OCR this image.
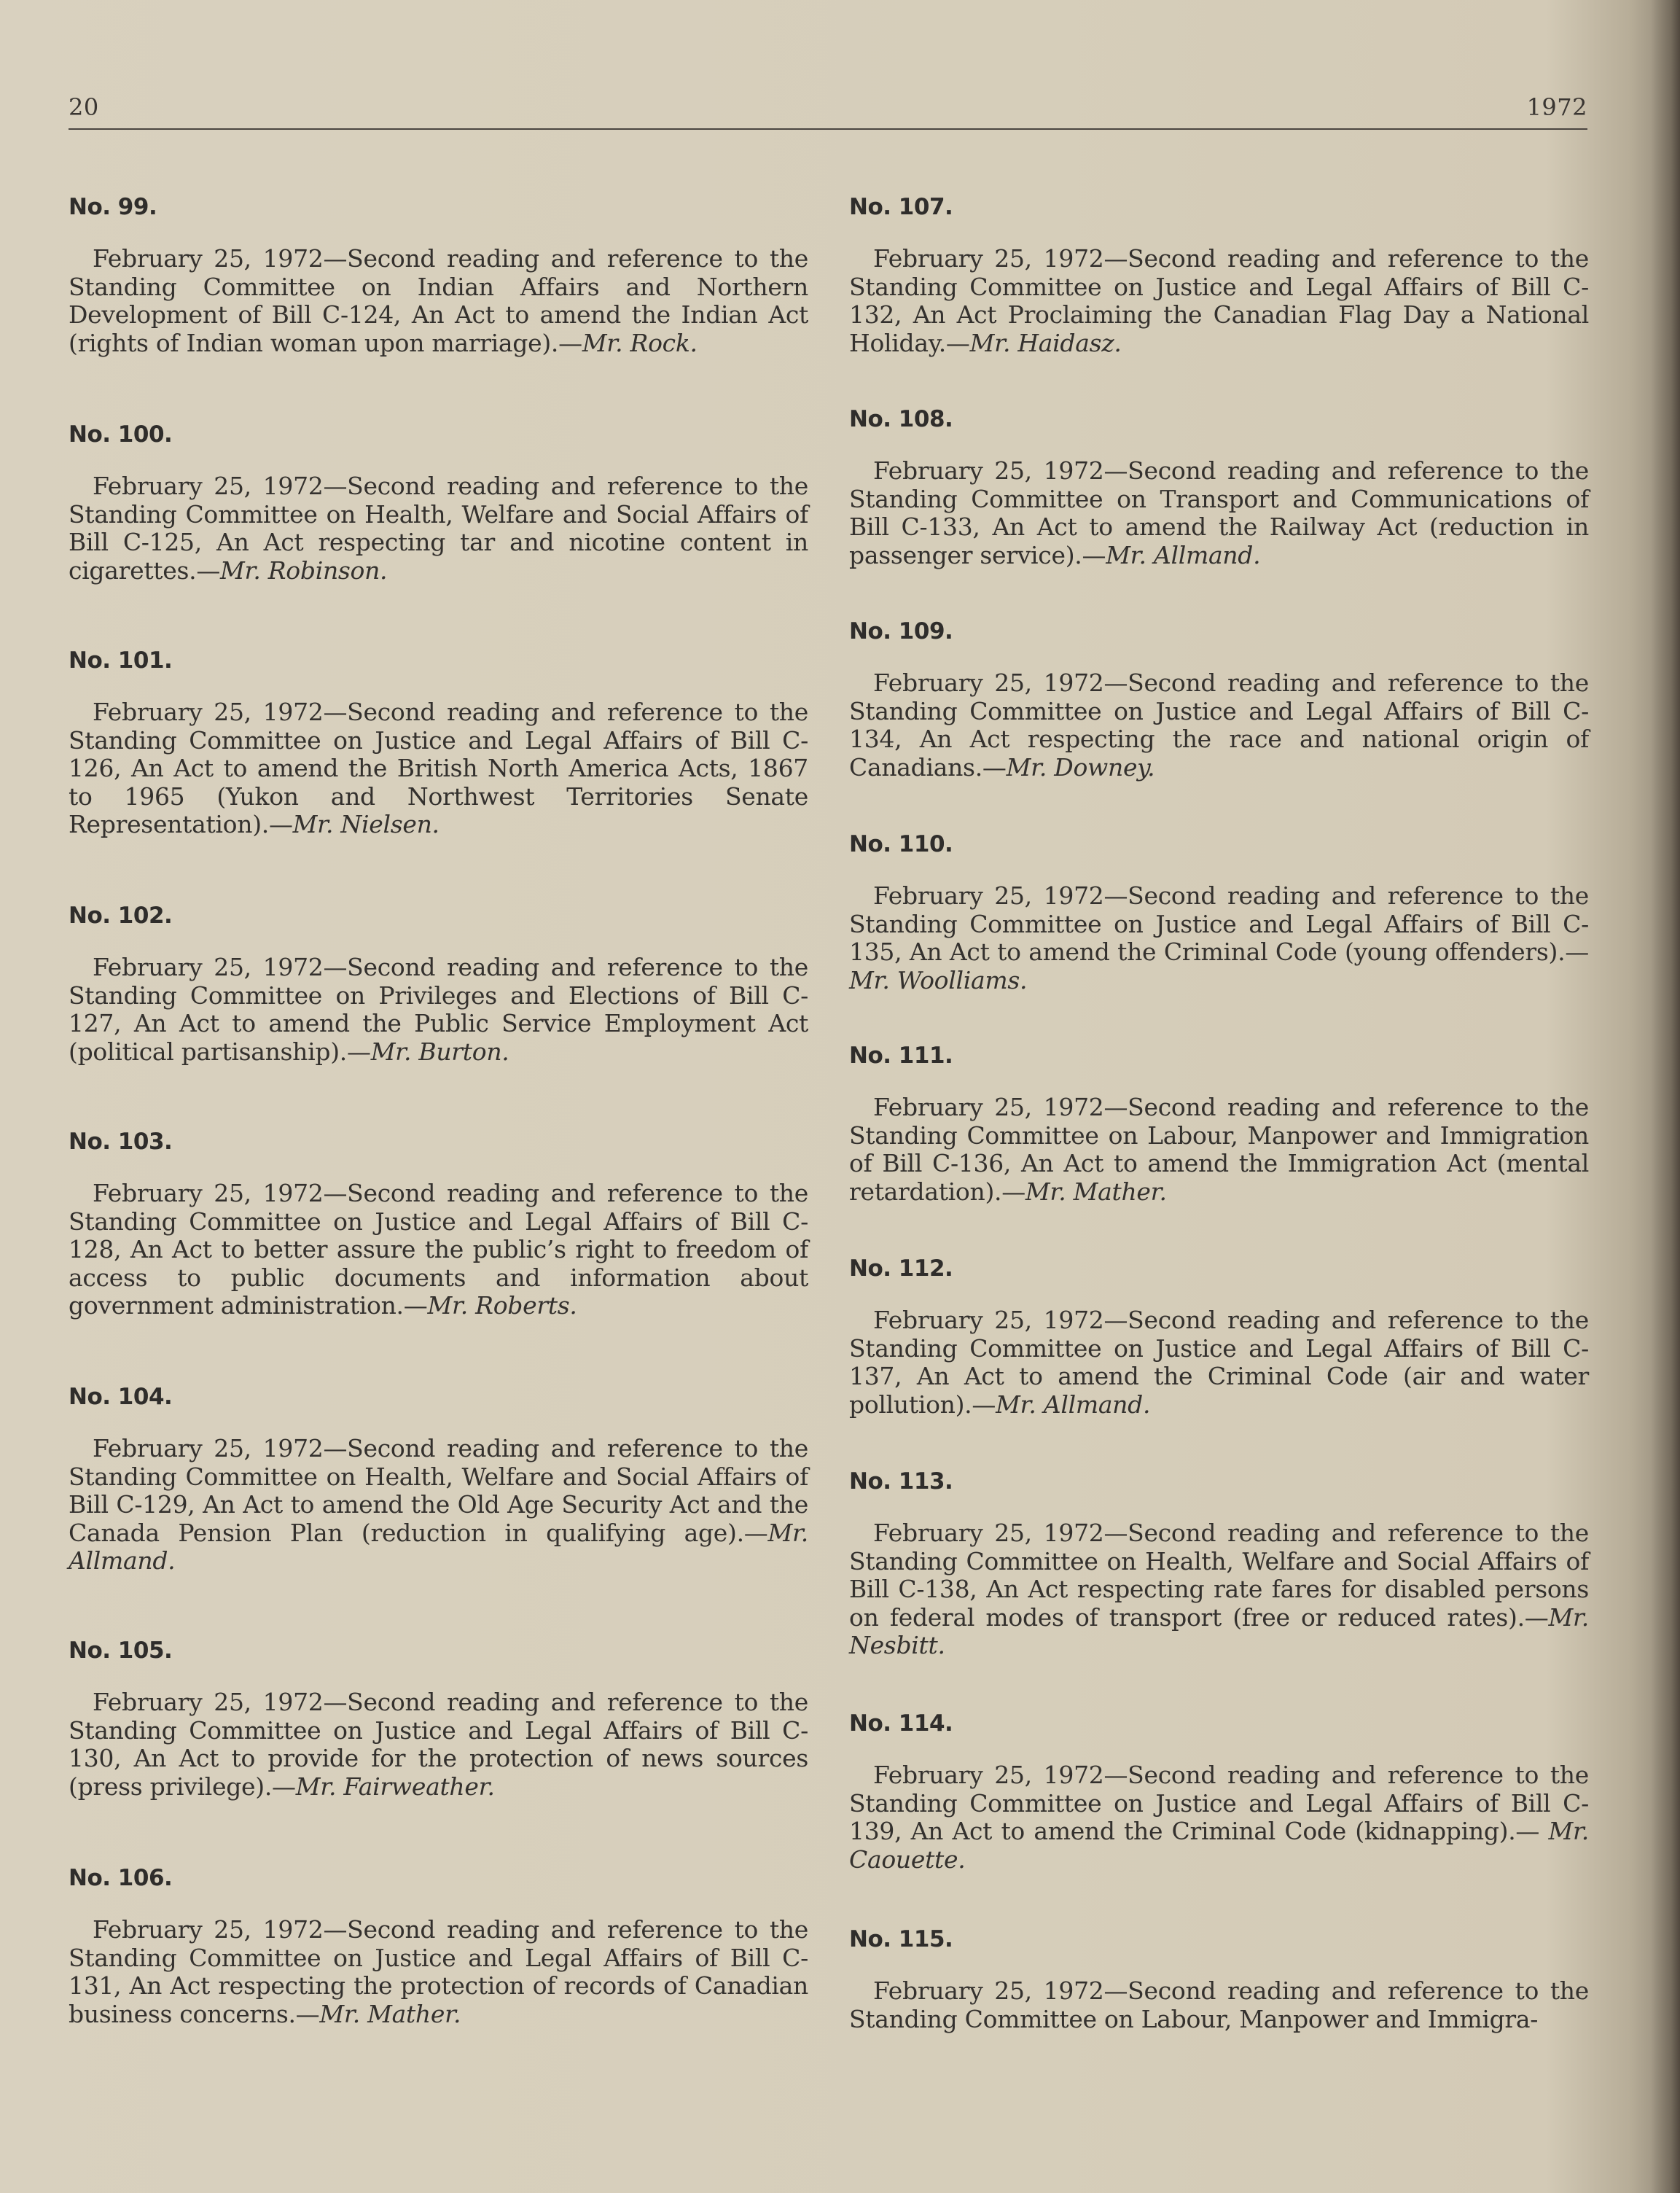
20	1972

No. 99.

February 25, 1972—Second reading and reference to the Standing Committee on Indian Affairs and Northern Development of Bill C-124, An Act to amend the Indian Act (rights of Indian woman upon marriage).—Mr. Rock.

No. 100.

February 25, 1972—Second reading and reference to the Standing Committee on Health, Welfare and Social Affairs of Bill C-125, An Act respecting tar and nicotine content in cigarettes.—Mr. Robinson.

No. 101.

February 25, 1972—Second reading and reference to the Standing Committee on Justice and Legal Affairs of Bill C-126, An Act to amend the British North America Acts, 1867 to 1965 (Yukon and Northwest Territories Senate Representation).—Mr. Nielsen.

No. 102.

February 25, 1972—Second reading and reference to the Standing Committee on Privileges and Elections of Bill C-127, An Act to amend the Public Service Employment Act (political partisanship).—Mr. Burton.

No. 103.

February 25, 1972—Second reading and reference to the Standing Committee on Justice and Legal Affairs of Bill C-128, An Act to better assure the public’s right to freedom of access to public documents and information about government administration.—Mr. Roberts.

No. 104.

February 25, 1972—Second reading and reference to the Standing Committee on Health, Welfare and Social Affairs of Bill C-129, An Act to amend the Old Age Security Act and the Canada Pension Plan (reduction in qualifying age).—Mr. Allmand.

No. 105.

February 25, 1972—Second reading and reference to the Standing Committee on Justice and Legal Affairs of Bill C-130, An Act to provide for the protection of news sources (press privilege).—Mr. Fairweather.

No. 106.

February 25, 1972—Second reading and reference to the Standing Committee on Justice and Legal Affairs of Bill C-131, An Act respecting the protection of records of Canadian business concerns.—Mr. Mather.

No. 107.

February 25, 1972—Second reading and reference to the Standing Committee on Justice and Legal Affairs of Bill C-132, An Act Proclaiming the Canadian Flag Day a National Holiday.—Mr. Haidasz.

No. 108.

February 25, 1972—Second reading and reference to the Standing Committee on Transport and Communications of Bill C-133, An Act to amend the Railway Act (reduction in passenger service).—Mr. Allmand.

No. 109.

February 25, 1972—Second reading and reference to the Standing Committee on Justice and Legal Affairs of Bill C-134, An Act respecting the race and national origin of Canadians.—Mr. Downey.

No. 110.

February 25, 1972—Second reading and reference to the Standing Committee on Justice and Legal Affairs of Bill C-135, An Act to amend the Criminal Code (young offenders).—Mr. Woolliams.

No. 111.

February 25, 1972—Second reading and reference to the Standing Committee on Labour, Manpower and Immigration of Bill C-136, An Act to amend the Immigration Act (mental retardation).—Mr. Mather.

No. 112.

February 25, 1972—Second reading and reference to the Standing Committee on Justice and Legal Affairs of Bill C-137, An Act to amend the Criminal Code (air and water pollution).—Mr. Allmand.

No. 113.

February 25, 1972—Second reading and reference to the Standing Committee on Health, Welfare and Social Affairs of Bill C-138, An Act respecting rate fares for disabled persons on federal modes of transport (free or reduced rates).—Mr. Nesbitt.

No. 114.

February 25, 1972—Second reading and reference to the Standing Committee on Justice and Legal Affairs of Bill C-139, An Act to amend the Criminal Code (kidnapping).— Mr. Caouette.

No. 115.

February 25, 1972—Second reading and reference to the Standing Committee on Labour, Manpower and Immigra-
